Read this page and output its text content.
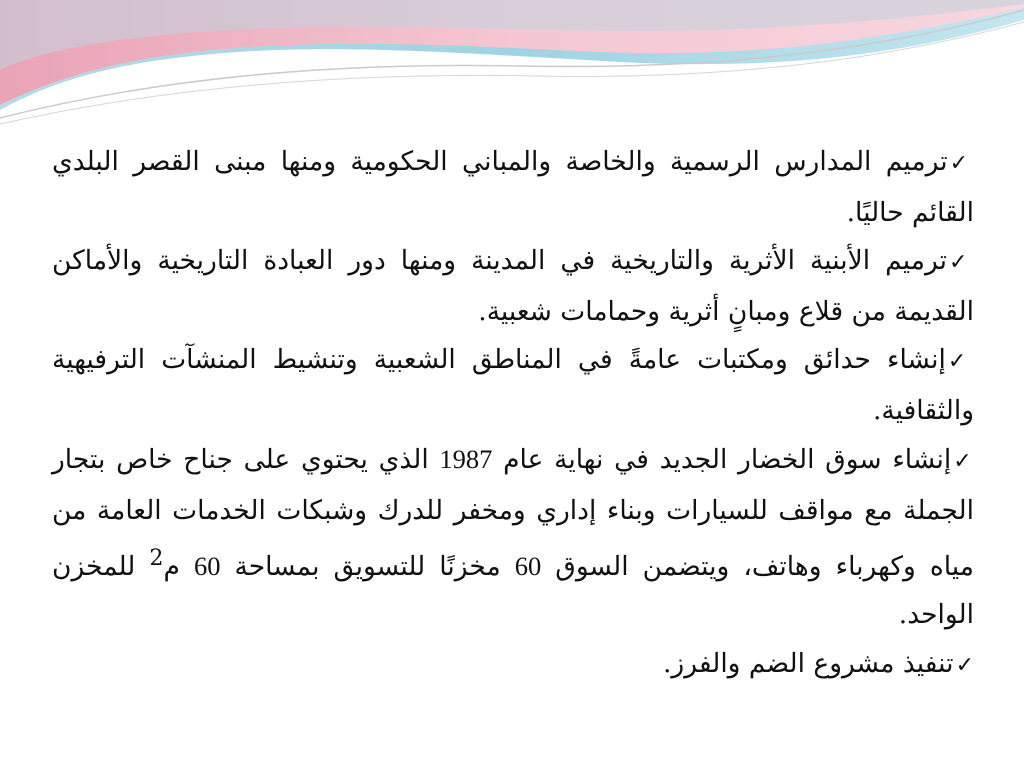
✓ترميم المدارس الرسمية والخاصة والمباني الحكومية ومنها مبنى القصر البلدي القائم حاليًا.

✓ترميم الأبنية الأثرية والتاريخية في المدينة ومنها دور العبادة التاريخية والأماكن القديمة من قلاع ومبانٍ أثرية وحمامات شعبية.

✓إنشاء حدائق ومكتبات عامةً في المناطق الشعبية وتنشيط المنشآت الترفيهية والثقافية.

✓إنشاء سوق الخضار الجديد في نهاية عام 1987 الذي يحتوي على جناح خاص بتجار الجملة مع مواقف للسيارات وبناء إداري ومخفر للدرك وشبكات الخدمات العامة من مياه وكهرباء وهاتف، ويتضمن السوق 60 مخزنًا للتسويق بمساحة 60 م$^2$ للمخزن الواحد.

✓تنفيذ مشروع الضم والفرز.
